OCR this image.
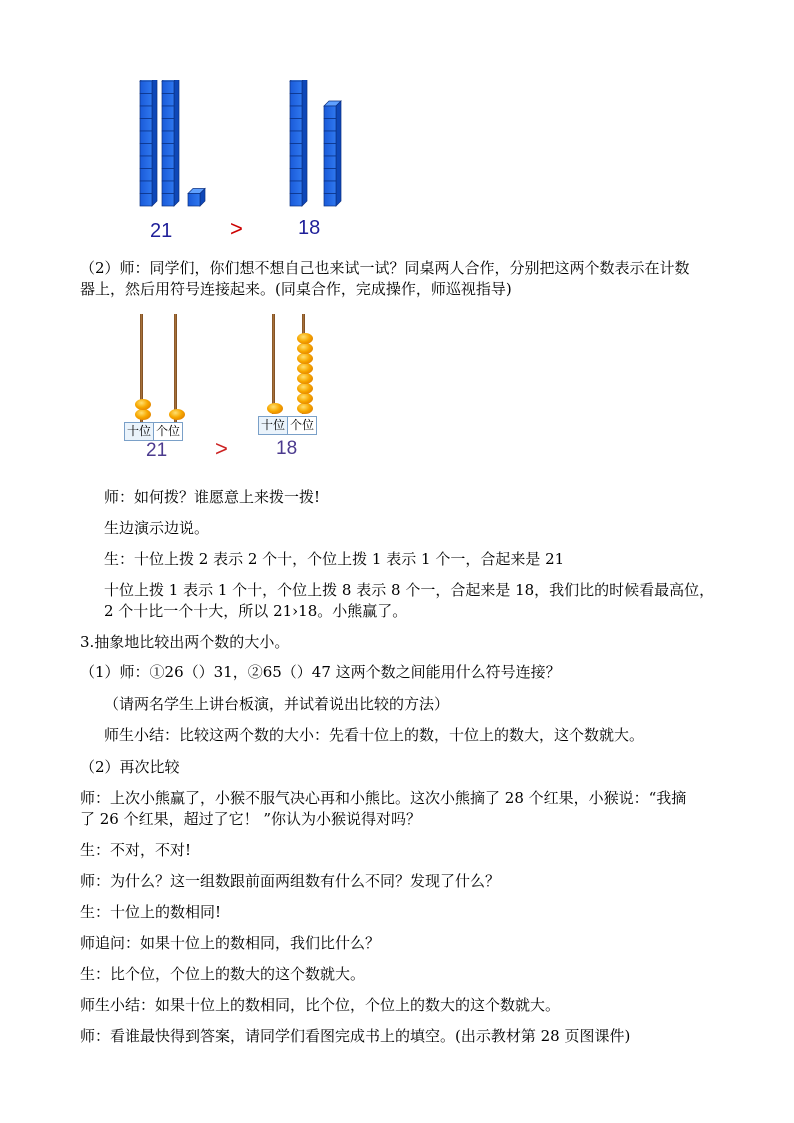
21	>	18
（2）师：同学们，你们想不想自己也来试一试？同桌两人合作，分别把这两个数表示在计数
器上，然后用符号连接起来。(同桌合作，完成操作，师巡视指导)
十位 个位
21 >
十位 个位
18
师：如何拨？谁愿意上来拨一拨!
生边演示边说。
生：十位上拨 2 表示 2 个十，个位上拨 1 表示 1 个一，合起来是 21
十位上拨 1 表示 1 个十，个位上拨 8 表示 8 个一，合起来是 18，我们比的时候看最高位，
2 个十比一个十大，所以 21›18。小熊赢了。
3.抽象地比较出两个数的大小。
（1）师：①26（）31，②65（）47 这两个数之间能用什么符号连接？
（请两名学生上讲台板演，并试着说出比较的方法）
师生小结：比较这两个数的大小：先看十位上的数，十位上的数大，这个数就大。
（2）再次比较
师：上次小熊赢了，小猴不服气决心再和小熊比。这次小熊摘了 28 个红果，小猴说：“我摘
了 26 个红果，超过了它！ ”你认为小猴说得对吗？
生：不对，不对!
师：为什么？这一组数跟前面两组数有什么不同？发现了什么？
生：十位上的数相同!
师追问：如果十位上的数相同，我们比什么？
生：比个位，个位上的数大的这个数就大。
师生小结：如果十位上的数相同，比个位，个位上的数大的这个数就大。
师：看谁最快得到答案，请同学们看图完成书上的填空。(出示教材第 28 页图课件)
